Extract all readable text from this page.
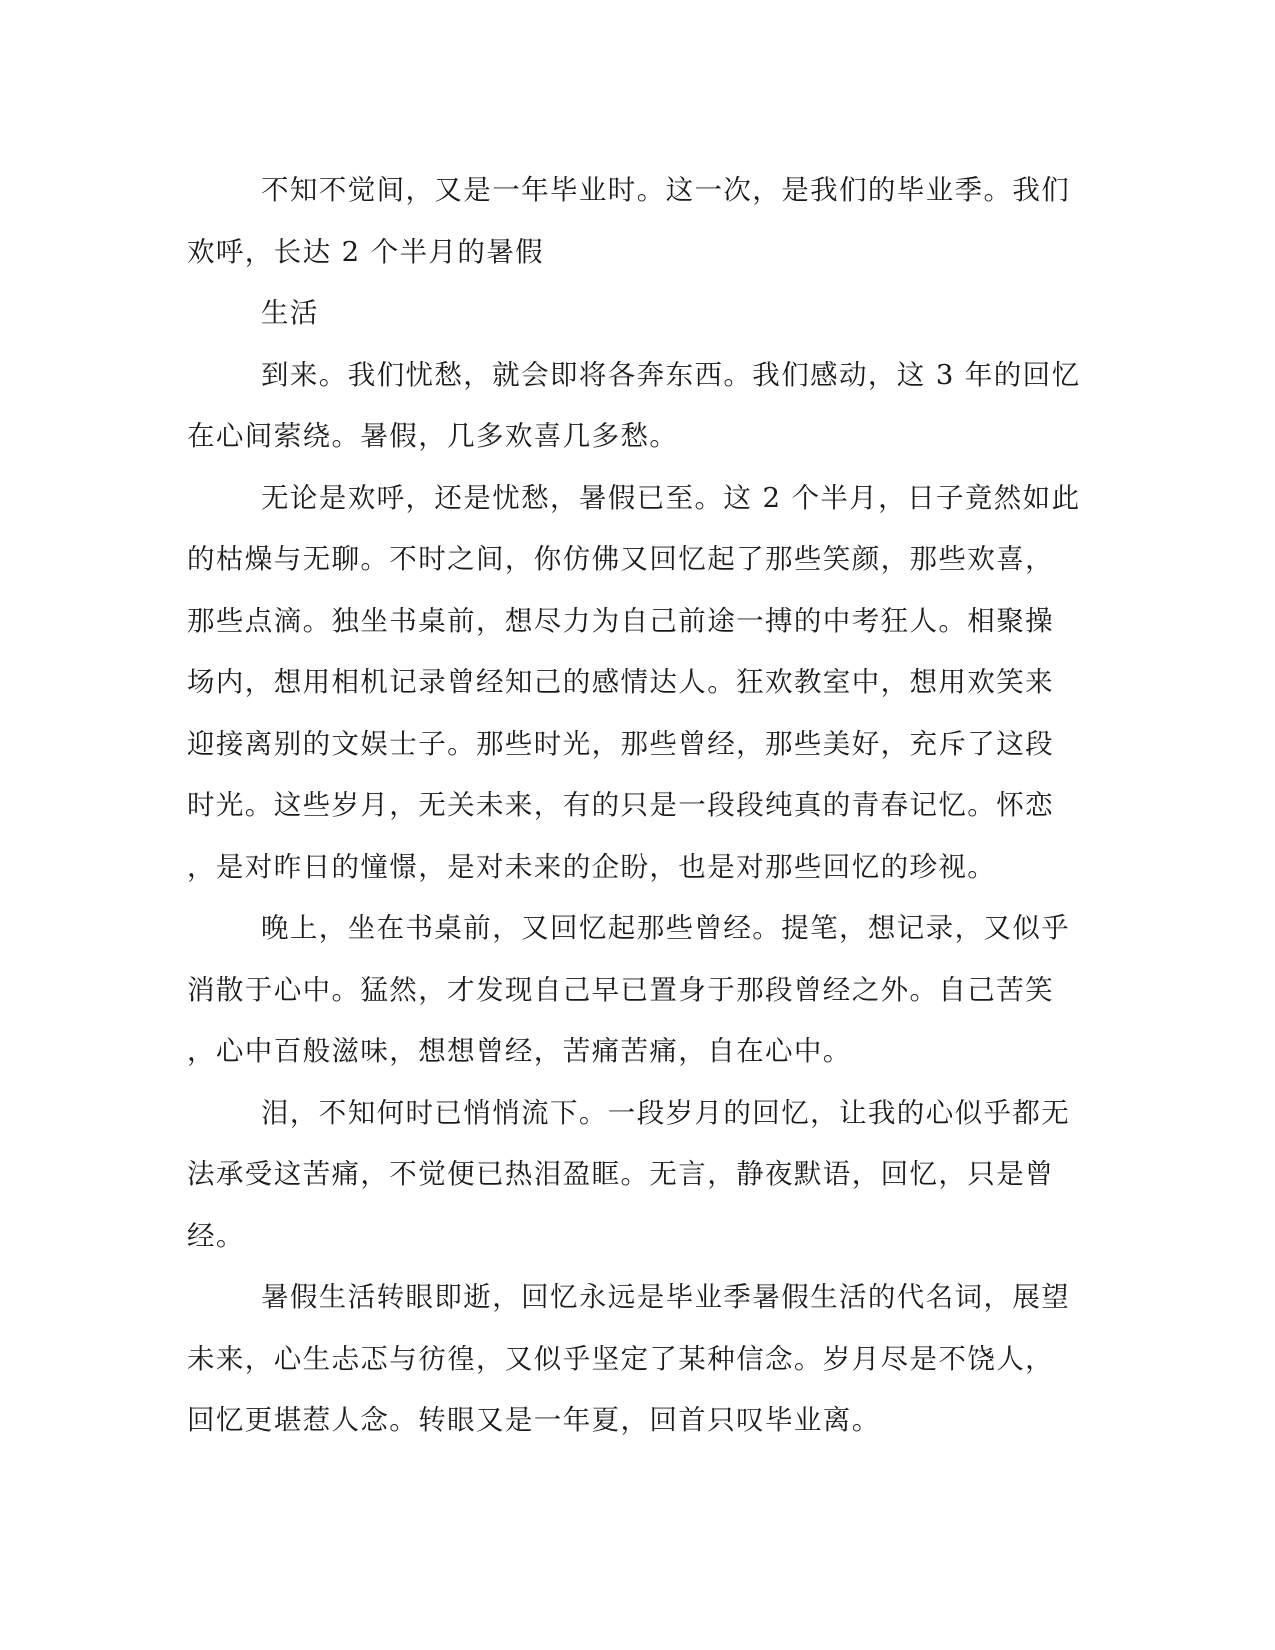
不知不觉间，又是一年毕业时。这一次，是我们的毕业季。我们
欢呼，长达 2 个半月的暑假

生活

到来。我们忧愁，就会即将各奔东西。我们感动，这 3 年的回忆
在心间萦绕。暑假，几多欢喜几多愁。

无论是欢呼，还是忧愁，暑假已至。这 2 个半月，日子竟然如此
的枯燥与无聊。不时之间，你仿佛又回忆起了那些笑颜，那些欢喜，
那些点滴。独坐书桌前，想尽力为自己前途一搏的中考狂人。相聚操
场内，想用相机记录曾经知己的感情达人。狂欢教室中，想用欢笑来
迎接离别的文娱士子。那些时光，那些曾经，那些美好，充斥了这段
时光。这些岁月，无关未来，有的只是一段段纯真的青春记忆。怀恋
，是对昨日的憧憬，是对未来的企盼，也是对那些回忆的珍视。

晚上，坐在书桌前，又回忆起那些曾经。提笔，想记录，又似乎
消散于心中。猛然，才发现自己早已置身于那段曾经之外。自己苦笑
，心中百般滋味，想想曾经，苦痛苦痛，自在心中。

泪，不知何时已悄悄流下。一段岁月的回忆，让我的心似乎都无
法承受这苦痛，不觉便已热泪盈眶。无言，静夜默语，回忆，只是曾
经。

暑假生活转眼即逝，回忆永远是毕业季暑假生活的代名词，展望
未来，心生忐忑与彷徨，又似乎坚定了某种信念。岁月尽是不饶人，
回忆更堪惹人念。转眼又是一年夏，回首只叹毕业离。
